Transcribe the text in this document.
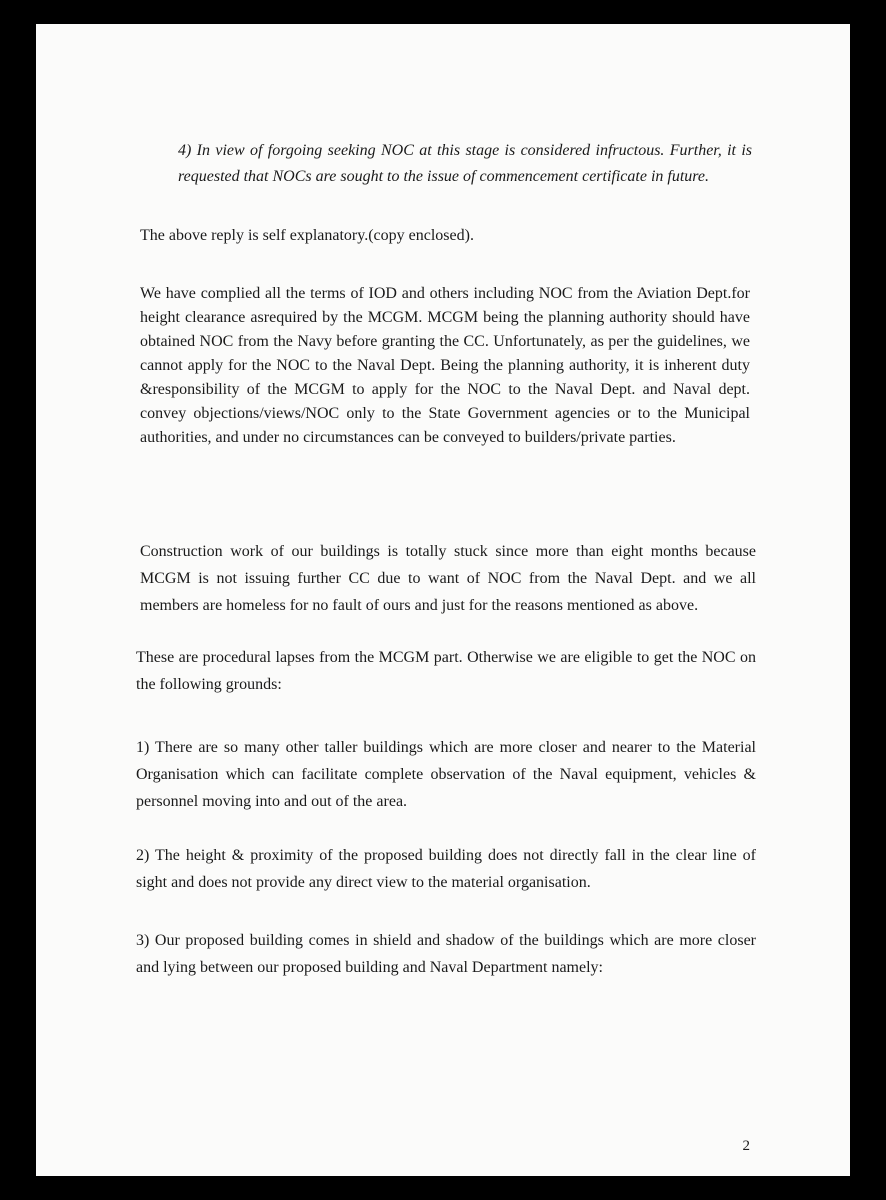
4) In view of forgoing seeking NOC at this stage is considered infructous. Further, it is requested that NOCs are sought to the issue of commencement certificate in future.
The above reply is self explanatory.(copy enclosed).
We have complied all the terms of IOD and others including NOC from the Aviation Dept.for height clearance asrequired by the MCGM. MCGM being the planning authority should have obtained NOC from the Navy before granting the CC. Unfortunately, as per the guidelines, we cannot apply for the NOC to the Naval Dept. Being the planning authority, it is inherent duty &responsibility of the MCGM to apply for the NOC to the Naval Dept. and Naval dept. convey objections/views/NOC only to the State Government agencies or to the Municipal authorities, and under no circumstances can be conveyed to builders/private parties.
Construction work of our buildings is totally stuck since more than eight months because MCGM is not issuing further CC due to want of NOC from the Naval Dept. and we all members are homeless for no fault of ours and just for the reasons mentioned as above.
These are procedural lapses from the MCGM part. Otherwise we are eligible to get the NOC on the following grounds:
1) There are so many other taller buildings which are more closer and nearer to the Material Organisation which can facilitate complete observation of the Naval equipment, vehicles & personnel moving into and out of the area.
2) The height & proximity of the proposed building does not directly fall in the clear line of sight and does not provide any direct view to the material organisation.
3) Our proposed building comes in shield and shadow of the buildings which are more closer and lying between our proposed building and Naval Department namely:
2
